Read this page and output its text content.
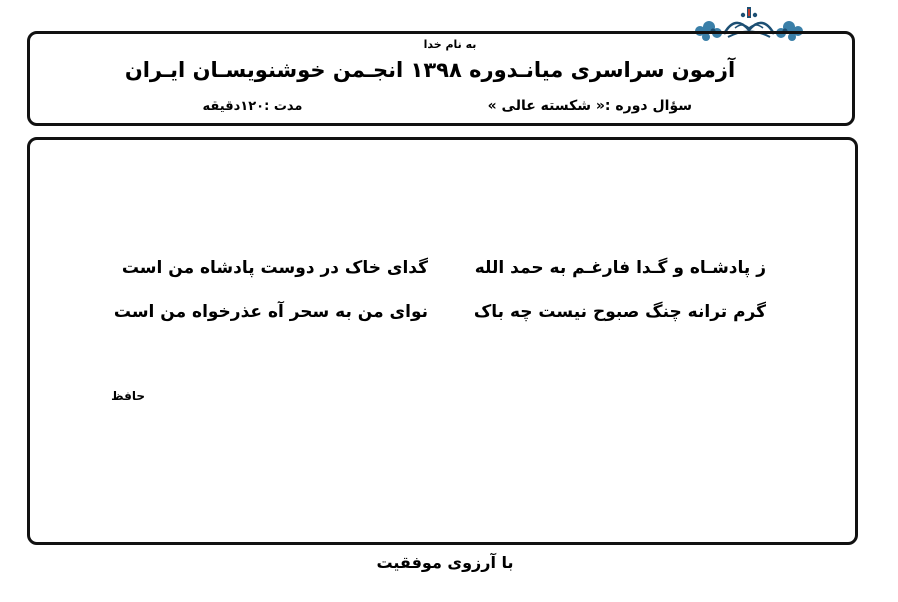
به نام خدا
آزمون سراسری میانـدوره ۱۳۹۸ انجـمن خوشنویسـان ایـران
سؤال دوره :« شکسته عالی »
مدت :۱۲۰دقیقه
ز پادشـاه و گـدا فارغـم به حمد الله
گدای خاک در دوست پادشاه من است
گرم ترانه چنگ صبوح نیست چه باک
نوای من به سحر آه عذرخواه من است
حافظ
با آرزوی موفقیت
